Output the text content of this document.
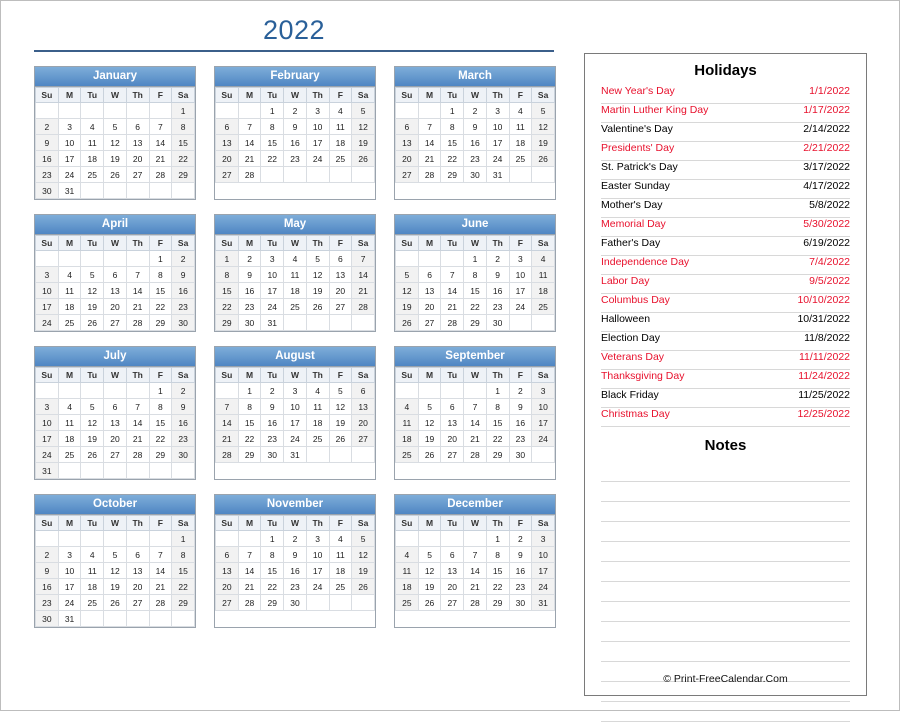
2022
January
Su	M	Tu	W	Th	F	Sa
						1
2	3	4	5	6	7	8
9	10	11	12	13	14	15
16	17	18	19	20	21	22
23	24	25	26	27	28	29
30	31					
February
Su	M	Tu	W	Th	F	Sa
		1	2	3	4	5
6	7	8	9	10	11	12
13	14	15	16	17	18	19
20	21	22	23	24	25	26
27	28					
March
Su	M	Tu	W	Th	F	Sa
		1	2	3	4	5
6	7	8	9	10	11	12
13	14	15	16	17	18	19
20	21	22	23	24	25	26
27	28	29	30	31		
April
Su	M	Tu	W	Th	F	Sa
					1	2
3	4	5	6	7	8	9
10	11	12	13	14	15	16
17	18	19	20	21	22	23
24	25	26	27	28	29	30
May
Su	M	Tu	W	Th	F	Sa
1	2	3	4	5	6	7
8	9	10	11	12	13	14
15	16	17	18	19	20	21
22	23	24	25	26	27	28
29	30	31				
June
Su	M	Tu	W	Th	F	Sa
			1	2	3	4
5	6	7	8	9	10	11
12	13	14	15	16	17	18
19	20	21	22	23	24	25
26	27	28	29	30		
July
Su	M	Tu	W	Th	F	Sa
					1	2
3	4	5	6	7	8	9
10	11	12	13	14	15	16
17	18	19	20	21	22	23
24	25	26	27	28	29	30
31						
August
Su	M	Tu	W	Th	F	Sa
	1	2	3	4	5	6
7	8	9	10	11	12	13
14	15	16	17	18	19	20
21	22	23	24	25	26	27
28	29	30	31			
September
Su	M	Tu	W	Th	F	Sa
				1	2	3
4	5	6	7	8	9	10
11	12	13	14	15	16	17
18	19	20	21	22	23	24
25	26	27	28	29	30	
October
Su	M	Tu	W	Th	F	Sa
						1
2	3	4	5	6	7	8
9	10	11	12	13	14	15
16	17	18	19	20	21	22
23	24	25	26	27	28	29
30	31					
November
Su	M	Tu	W	Th	F	Sa
		1	2	3	4	5
6	7	8	9	10	11	12
13	14	15	16	17	18	19
20	21	22	23	24	25	26
27	28	29	30			
December
Su	M	Tu	W	Th	F	Sa
				1	2	3
4	5	6	7	8	9	10
11	12	13	14	15	16	17
18	19	20	21	22	23	24
25	26	27	28	29	30	31
Holidays
New Year's Day	1/1/2022
Martin Luther King Day	1/17/2022
Valentine's Day	2/14/2022
Presidents' Day	2/21/2022
St. Patrick's Day	3/17/2022
Easter Sunday	4/17/2022
Mother's Day	5/8/2022
Memorial Day	5/30/2022
Father's Day	6/19/2022
Independence Day	7/4/2022
Labor Day	9/5/2022
Columbus Day	10/10/2022
Halloween	10/31/2022
Election Day	11/8/2022
Veterans Day	11/11/2022
Thanksgiving Day	11/24/2022
Black Friday	11/25/2022
Christmas Day	12/25/2022
Notes
© Print-FreeCalendar.Com
